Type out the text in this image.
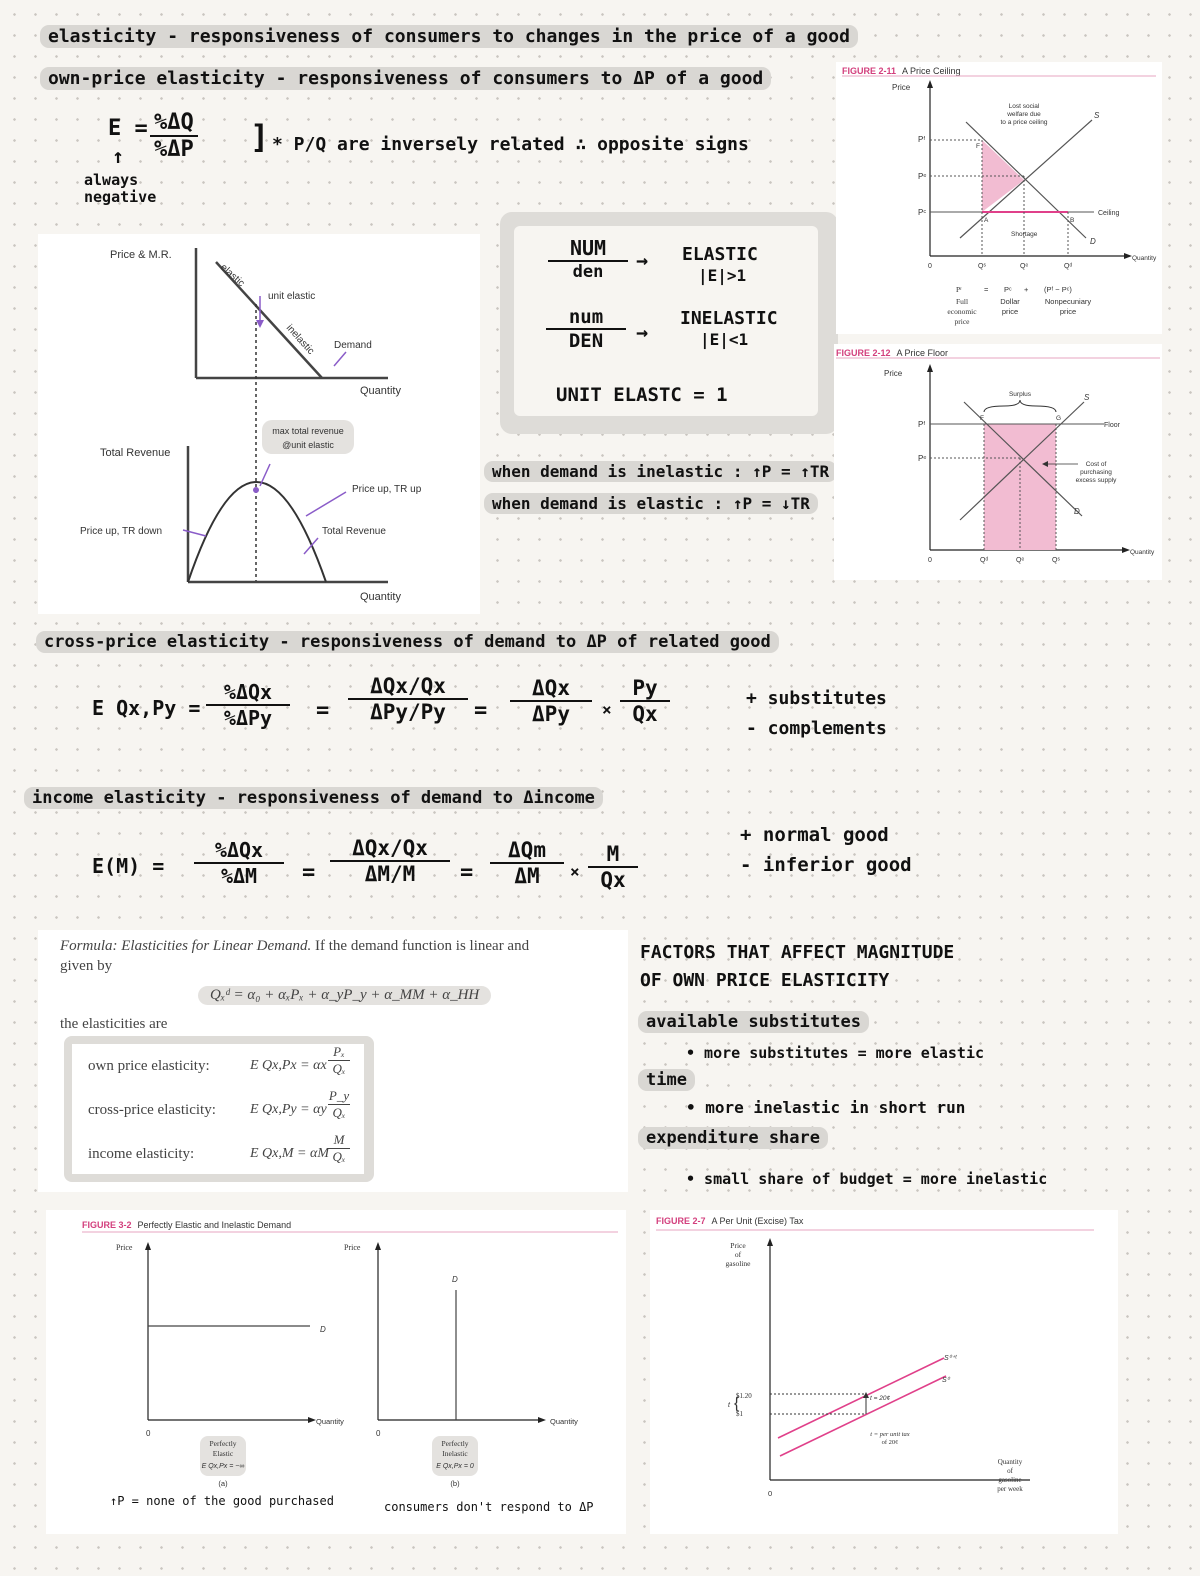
elasticity - responsiveness of consumers to changes in the price of a good
own-price elasticity - responsiveness of consumers to ΔP of a good
$E = \frac{\%\Delta Q}{\%\Delta P}$ ] * P/Q are inversely related ∴ opposite signs
↑
always negative
Price & M.R.
elastic
inelastic
unit elastic
Demand
Quantity
max total revenue
@unit elastic
Total Revenue
Price up, TR up
Price up, TR down	Total Revenue
Quantity
NUM
den	→ ELASTIC
|E|>1
num
DEN	→
INELASTIC
|E|<1
UNIT ELASTC = 1
when demand is inelastic : ↑P = ↑TR
when demand is elastic : ↑P = ↓TR
FIGURE 2-11 A Price Ceiling
Price
Pᶠ
Pᵉ
Pᶜ
Lost social
welfare due
to a price ceiling
F
A	B
Shortage
S
D
Ceiling
0	Qˢ	Qᵉ	Qᵈ
Quantity
Pᶠ	= Pᶜ + (Pᶠ − Pᶜ)
Full
economic
price
Dollar
price
Nonpecuniary
price
FIGURE 2-12 A Price Floor
Price
Surplus
Pᶠ
Pᵉ
F	G
S
D
Floor
Cost of
purchasing
excess supply
0	Qᵈ	Qᵉ	Qˢ
Quantity
cross-price elasticity - responsiveness of demand to ΔP of related good
E Qx,Py =
%ΔQx
%ΔPy	=
ΔQx/Qx
ΔPy/Py	=
ΔQx
ΔPy	× $\frac{Py}{Qx}$	+ substitutes
- complements
income elasticity - responsiveness of demand to Δincome
E(M) =
%ΔQx
%ΔM	=
ΔQx/Qx
ΔM/M	=
ΔQm
ΔM	× $\frac{M}{Qx}$
+ normal good
- inferior good
Formula: Elasticities for Linear Demand. If the demand function is linear and
given by
Qₓᵈ = α₀ + αₓPₓ + α_yP_y + α_MM + α_HH
the elasticities are
own price elasticity:	E Qx,Px = αx
Pₓ
Qₓ
cross-price elasticity: E Qx,Py = αy
P_y
Qₓ
income elasticity:	E Qx,M = αM
M
Qₓ
FACTORS THAT AFFECT MAGNITUDE
OF OWN PRICE ELASTICITY
available substitutes
• more substitutes = more elastic
time
• more inelastic in short run
expenditure share
• small share of budget = more inelastic
FIGURE 3-2 Perfectly Elastic and Inelastic Demand
Price
D
Quantity
0
Perfectly
Elastic
E Qx,Px = −∞
(a)
Price
D
Quantity
0
Perfectly
Inelastic
E Qx,Px = 0
(b)
↑P = none of the good purchased	consumers don't respond to ΔP
FIGURE 2-7 A Per Unit (Excise) Tax
Price
of
gasoline
$1.20
$1
t {	t = 20¢
S⁰⁺ᵗ
S⁰
t = per unit tax
of 20¢
0
Quantity
of
gasoline
per week
